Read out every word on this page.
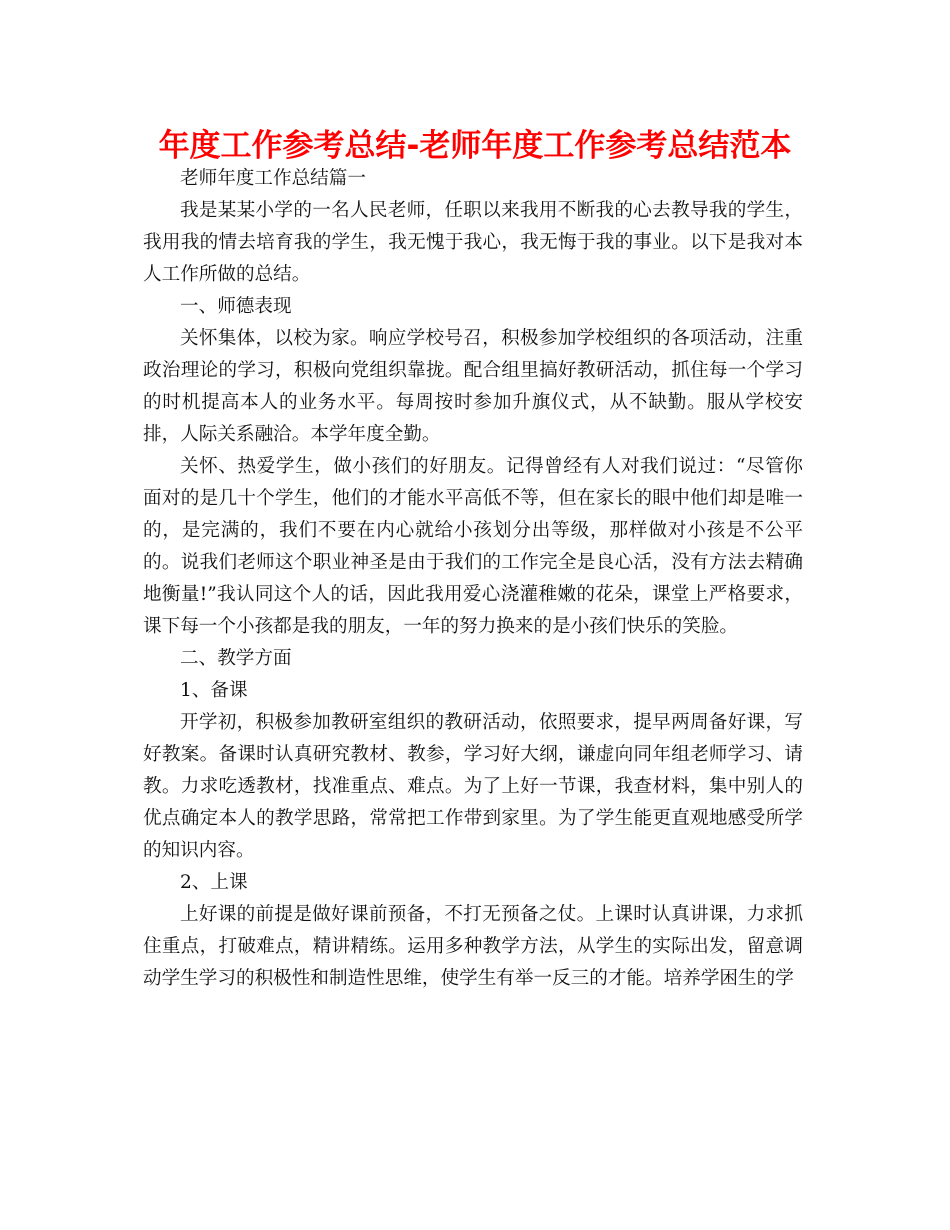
年度工作参考总结-老师年度工作参考总结范本

老师年度工作总结篇一

我是某某小学的一名人民老师，任职以来我用不断我的心去教导我的学生，我用我的情去培育我的学生，我无愧于我心，我无悔于我的事业。以下是我对本人工作所做的总结。

一、师德表现

关怀集体，以校为家。响应学校号召，积极参加学校组织的各项活动，注重政治理论的学习，积极向党组织靠拢。配合组里搞好教研活动，抓住每一个学习的时机提高本人的业务水平。每周按时参加升旗仪式，从不缺勤。服从学校安排，人际关系融洽。本学年度全勤。

关怀、热爱学生，做小孩们的好朋友。记得曾经有人对我们说过：“尽管你面对的是几十个学生，他们的才能水平高低不等，但在家长的眼中他们却是唯一的，是完满的，我们不要在内心就给小孩划分出等级，那样做对小孩是不公平的。说我们老师这个职业神圣是由于我们的工作完全是良心活，没有方法去精确地衡量!”我认同这个人的话，因此我用爱心浇灌稚嫩的花朵，课堂上严格要求，课下每一个小孩都是我的朋友，一年的努力换来的是小孩们快乐的笑脸。

二、教学方面

1、备课

开学初，积极参加教研室组织的教研活动，依照要求，提早两周备好课，写好教案。备课时认真研究教材、教参，学习好大纲，谦虚向同年组老师学习、请教。力求吃透教材，找准重点、难点。为了上好一节课，我查材料，集中别人的优点确定本人的教学思路，常常把工作带到家里。为了学生能更直观地感受所学的知识内容。

2、上课

上好课的前提是做好课前预备，不打无预备之仗。上课时认真讲课，力求抓住重点，打破难点，精讲精练。运用多种教学方法，从学生的实际出发，留意调动学生学习的积极性和制造性思维，使学生有举一反三的才能。培养学困生的学
